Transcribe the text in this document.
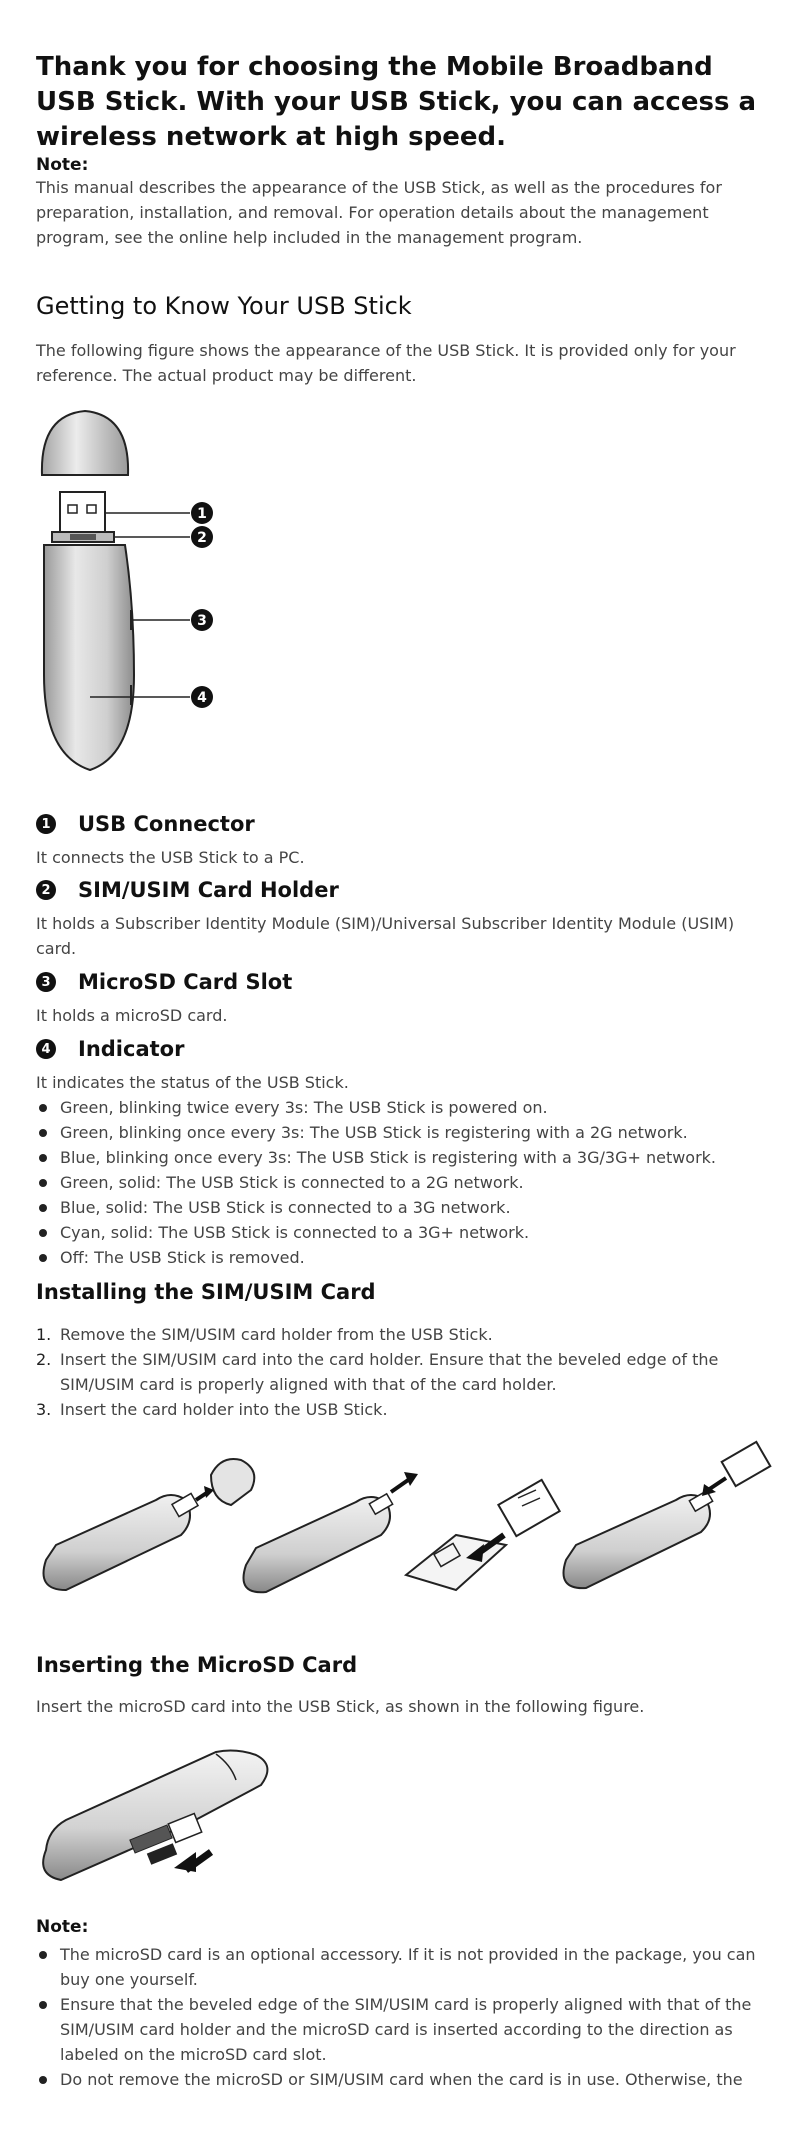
Thank you for choosing the Mobile Broadband USB Stick. With your USB Stick, you can access a wireless network at high speed.
Note:
This manual describes the appearance of the USB Stick, as well as the procedures for preparation, installation, and removal. For operation details about the management program, see the online help included in the management program.
Getting to Know Your USB Stick
The following figure shows the appearance of the USB Stick. It is provided only for your reference. The actual product may be different.
1
2
3
4
1 USB Connector
It connects the USB Stick to a PC.
2 SIM/USIM Card Holder
It holds a Subscriber Identity Module (SIM)/Universal Subscriber Identity Module (USIM) card.
3 MicroSD Card Slot
It holds a microSD card.
4 Indicator
It indicates the status of the USB Stick.
Green, blinking twice every 3s: The USB Stick is powered on.
Green, blinking once every 3s: The USB Stick is registering with a 2G network.
Blue, blinking once every 3s: The USB Stick is registering with a 3G/3G+ network.
Green, solid: The USB Stick is connected to a 2G network.
Blue, solid: The USB Stick is connected to a 3G network.
Cyan, solid: The USB Stick is connected to a 3G+ network.
Off: The USB Stick is removed.
Installing the SIM/USIM Card
1. Remove the SIM/USIM card holder from the USB Stick.
2. Insert the SIM/USIM card into the card holder. Ensure that the beveled edge of the SIM/USIM card is properly aligned with that of the card holder.
3. Insert the card holder into the USB Stick.
Inserting the MicroSD Card
Insert the microSD card into the USB Stick, as shown in the following figure.
Note:
The microSD card is an optional accessory. If it is not provided in the package, you can buy one yourself.
Ensure that the beveled edge of the SIM/USIM card is properly aligned with that of the SIM/USIM card holder and the microSD card is inserted according to the direction as labeled on the microSD card slot.
Do not remove the microSD or SIM/USIM card when the card is in use. Otherwise, the
